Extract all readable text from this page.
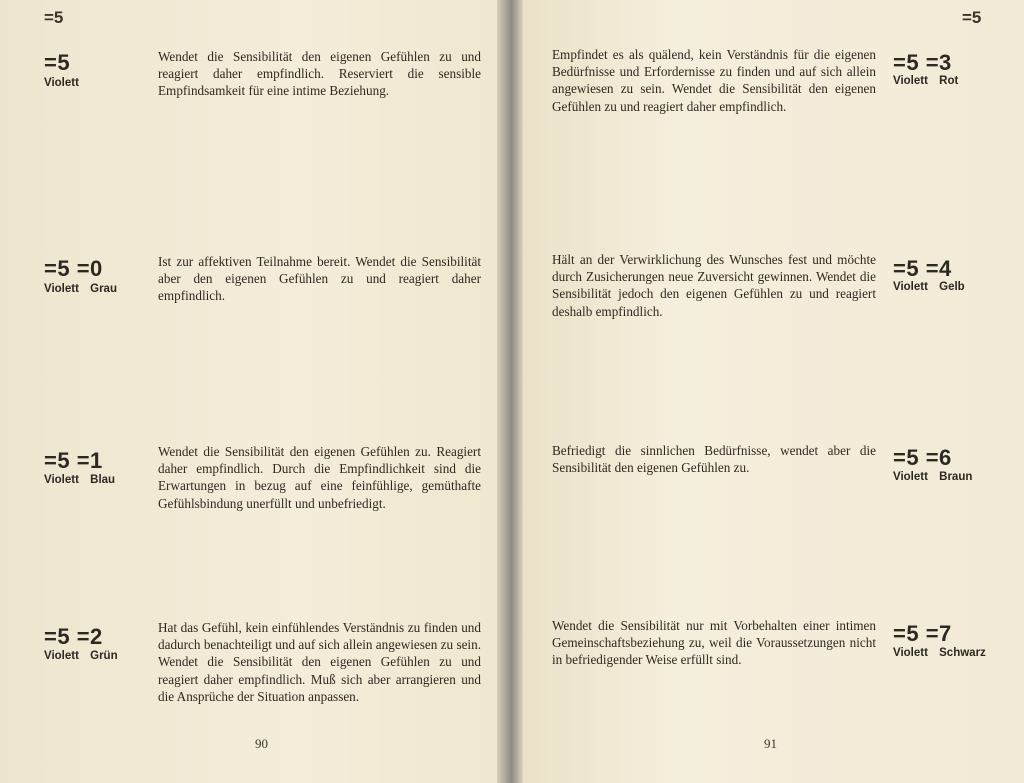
=5
=5
Violett
Wendet die Sensibilität den eigenen Gefühlen zu und reagiert daher empfindlich. Reserviert die sensible Empfindsamkeit für eine intime Beziehung.
=5 =0
Violett Grau
Ist zur affektiven Teilnahme bereit. Wendet die Sensibilität aber den eigenen Gefühlen zu und reagiert daher empfindlich.
=5 =1
Violett Blau
Wendet die Sensibilität den eigenen Gefühlen zu. Reagiert daher empfindlich. Durch die Empfindlichkeit sind die Erwartungen in bezug auf eine feinfühlige, gemüthafte Gefühlsbindung unerfüllt und unbefriedigt.
=5 =2
Violett Grün
Hat das Gefühl, kein einfühlendes Verständnis zu finden und dadurch benachteiligt und auf sich allein angewiesen zu sein. Wendet die Sensibilität den eigenen Gefühlen zu und reagiert daher empfindlich. Muß sich aber arrangieren und die Ansprüche der Situation anpassen.
90
=5
Empfindet es als quälend, kein Verständnis für die eigenen Bedürfnisse und Erfordernisse zu finden und auf sich allein angewiesen zu sein. Wendet die Sensibilität den eigenen Gefühlen zu und reagiert daher empfindlich.
=5 =3
Violett Rot
Hält an der Verwirklichung des Wunsches fest und möchte durch Zusicherungen neue Zuversicht gewinnen. Wendet die Sensibilität jedoch den eigenen Gefühlen zu und reagiert deshalb empfindlich.
=5 =4
Violett Gelb
Befriedigt die sinnlichen Bedürfnisse, wendet aber die Sensibilität den eigenen Gefühlen zu.	=5 =6
Violett Braun
Wendet die Sensibilität nur mit Vorbehalten einer intimen Gemeinschaftsbeziehung zu, weil die Voraussetzungen nicht in befriedigender Weise erfüllt sind.
=5 =7
Violett Schwarz
91
